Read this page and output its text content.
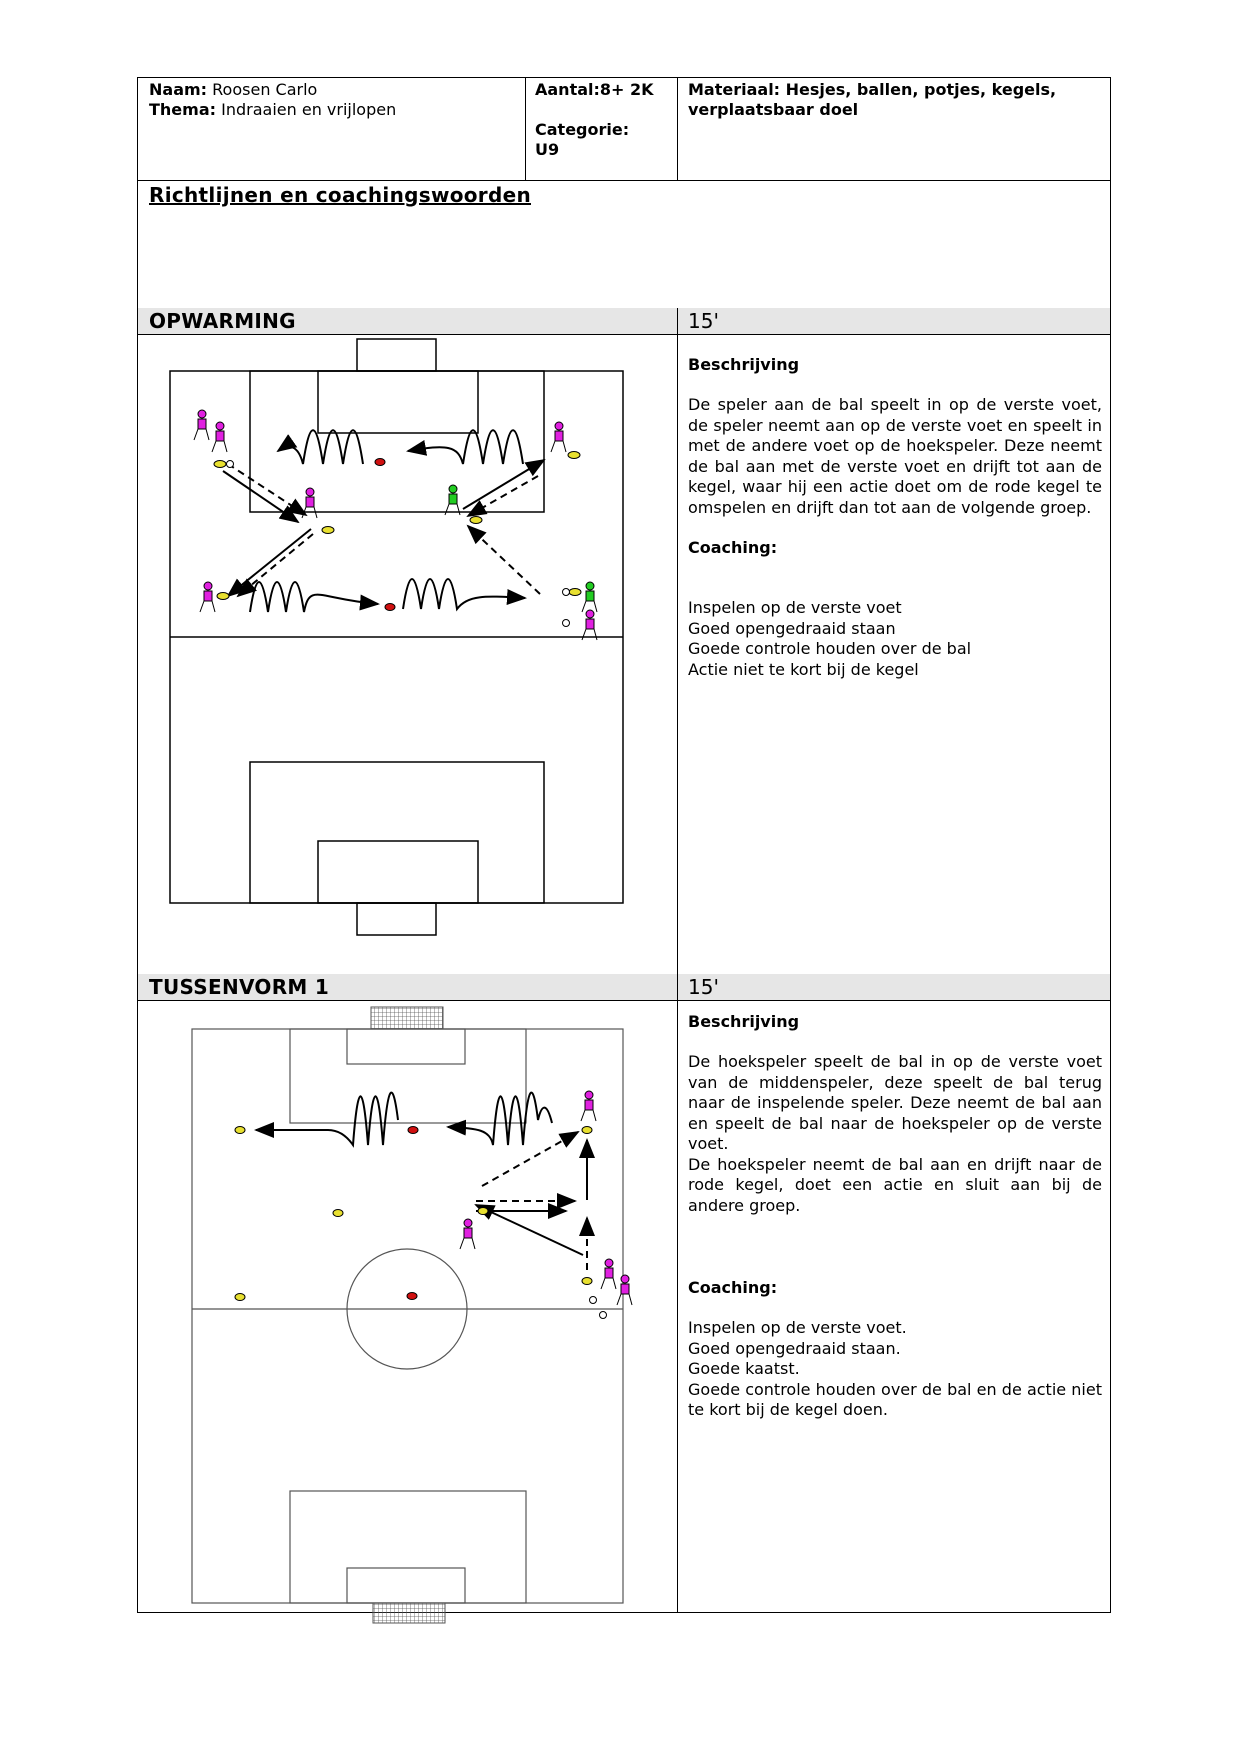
Naam: Roosen Carlo
Thema: Indraaien en vrijlopen
Aantal:8+ 2K
Categorie:
U9
Materiaal: Hesjes, ballen, potjes, kegels,
verplaatsbaar doel
Richtlijnen en coachingswoorden
OPWARMING	15'
Beschrijving
De speler aan de bal speelt in op de verste voet, de speler neemt aan op de verste voet en speelt in met de andere voet op de hoekspeler. Deze neemt de bal aan met de verste voet en drijft tot aan de kegel, waar hij een actie doet om de rode kegel te omspelen en drijft dan tot aan de volgende groep.
Coaching:
Inspelen op de verste voet
Goed opengedraaid staan
Goede controle houden over de bal
Actie niet te kort bij de kegel
TUSSENVORM 1	15'
Beschrijving
De hoekspeler speelt de bal in op de verste voet van de middenspeler, deze speelt de bal terug naar de inspelende speler. Deze neemt de bal aan en speelt de bal naar de hoekspeler op de verste voet.
De hoekspeler neemt de bal aan en drijft naar de rode kegel, doet een actie en sluit aan bij de andere groep.
Coaching:
Inspelen op de verste voet.
Goed opengedraaid staan.
Goede kaatst.
Goede controle houden over de bal en de actie niet te kort bij de kegel doen.
